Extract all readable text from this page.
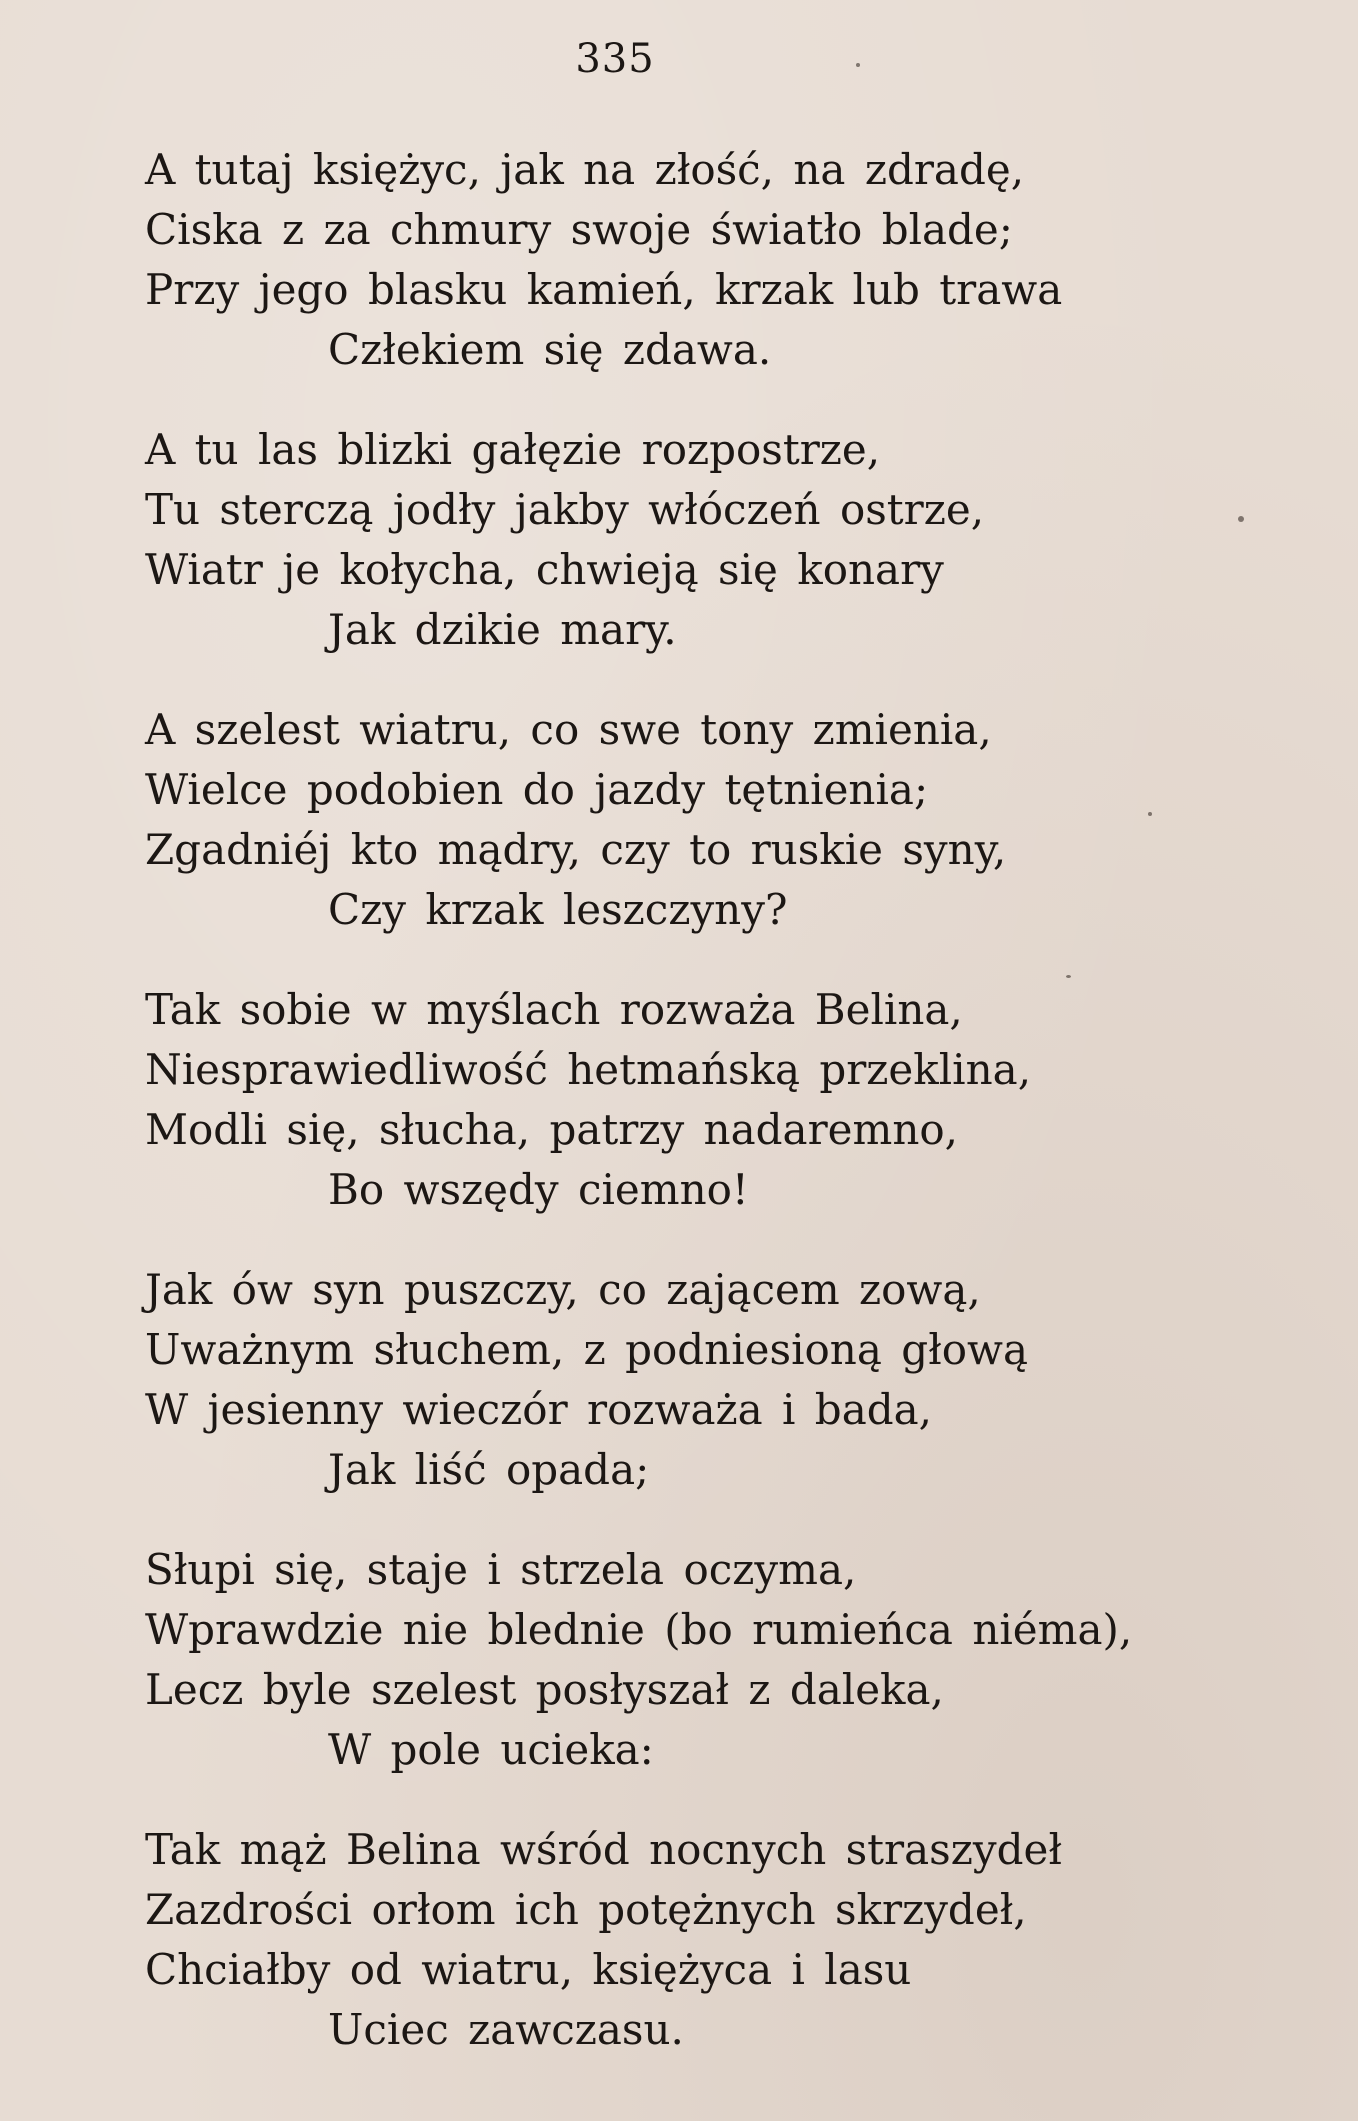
335
A tutaj księżyc, jak na złość, na zdradę,
Ciska z za chmury swoje światło blade;
Przy jego blasku kamień, krzak lub trawa
Człekiem się zdawa.
A tu las blizki gałęzie rozpostrze,
Tu sterczą jodły jakby włóczeń ostrze,
Wiatr je kołycha, chwieją się konary
Jak dzikie mary.
A szelest wiatru, co swe tony zmienia,
Wielce podobien do jazdy tętnienia;
Zgadniéj kto mądry, czy to ruskie syny,
Czy krzak leszczyny?
Tak sobie w myślach rozważa Belina,
Niesprawiedliwość hetmańską przeklina,
Modli się, słucha, patrzy nadaremno,
Bo wszędy ciemno!
Jak ów syn puszczy, co zającem zową,
Uważnym słuchem, z podniesioną głową
W jesienny wieczór rozważa i bada,
Jak liść opada;
Słupi się, staje i strzela oczyma,
Wprawdzie nie blednie (bo rumieńca niéma),
Lecz byle szelest posłyszał z daleka,
W pole ucieka:
Tak mąż Belina wśród nocnych straszydeł
Zazdrości orłom ich potężnych skrzydeł,
Chciałby od wiatru, księżyca i lasu
Uciec zawczasu.
